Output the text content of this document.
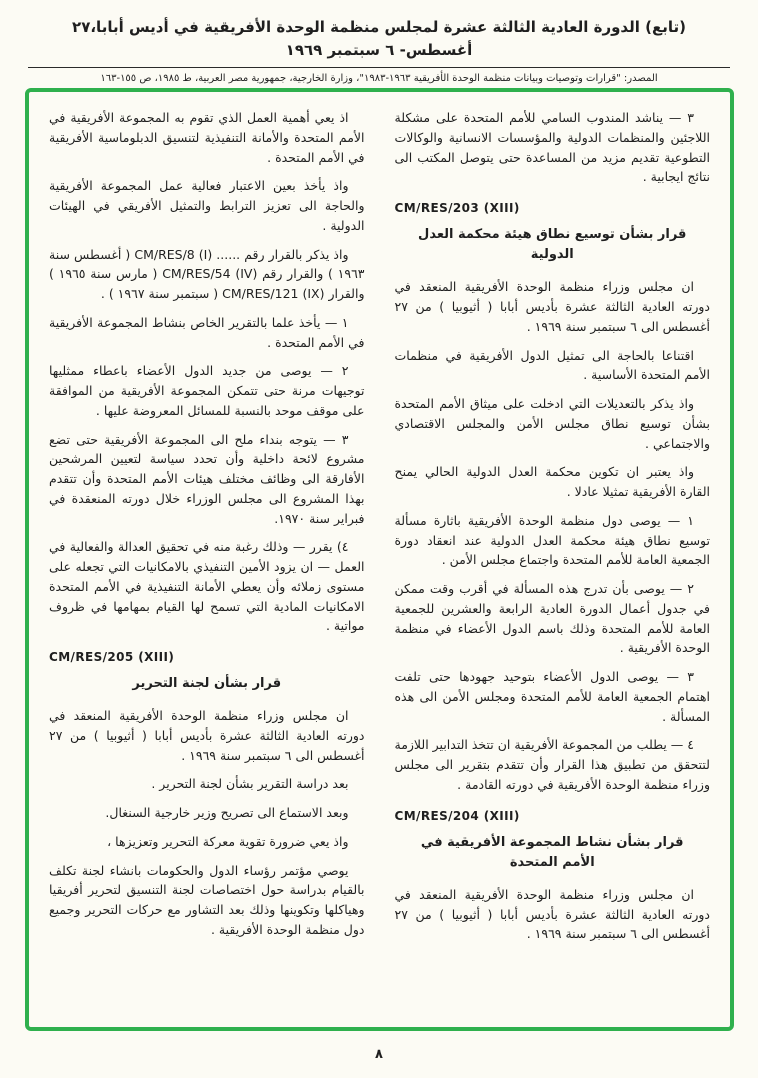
(تابع) الدورة العادية الثالثة عشرة لمجلس منظمة الوحدة الأفريقية في أديس أبابا،٢٧ أغسطس- ٦ سبتمبر ١٩٦٩
المصدر: "قرارات وتوصيات وبيانات منظمة الوحدة الأفريقية ١٩٦٣-١٩٨٣"، وزارة الخارجية، جمهورية مصر العربية، ط ١٩٨٥، ص ١٥٥-١٦٣

٣ — يناشد المندوب السامي للأمم المتحدة على مشكلة اللاجئين والمنظمات الدولية والمؤسسات الانسانية والوكالات التطوعية تقديم مزيد من المساعدة حتى يتوصل المكتب الى نتائج ايجابية .

CM/RES/203 (XIII)

قرار بشأن توسيع نطاق هيئة محكمة العدل الدولية

ان مجلس وزراء منظمة الوحدة الأفريقية المنعقد في دورته العادية الثالثة عشرة بأديس أبابا ( أثيوبيا ) من ٢٧ أغسطس الى ٦ سبتمبر سنة ١٩٦٩ .

اقتناعا بالحاجة الى تمثيل الدول الأفريقية في منظمات الأمم المتحدة الأساسية .

واذ يذكر بالتعديلات التي ادخلت على ميثاق الأمم المتحدة بشأن توسيع نطاق مجلس الأمن والمجلس الاقتصادي والاجتماعي .

واذ يعتبر ان تكوين محكمة العدل الدولية الحالي يمنح القارة الأفريقية تمثيلا عادلا .

١ — يوصى دول منظمة الوحدة الأفريقية باثارة مسألة توسيع نطاق هيئة محكمة العدل الدولية عند انعقاد دورة الجمعية العامة للأمم المتحدة واجتماع مجلس الأمن .

٢ — يوصى بأن تدرج هذه المسألة في أقرب وقت ممكن في جدول أعمال الدورة العادية الرابعة والعشرين للجمعية العامة للأمم المتحدة وذلك باسم الدول الأعضاء في منظمة الوحدة الأفريقية .

٣ — يوصى الدول الأعضاء بتوحيد جهودها حتى تلفت اهتمام الجمعية العامة للأمم المتحدة ومجلس الأمن الى هذه المسألة .

٤ — يطلب من المجموعة الأفريقية ان تتخذ التدابير اللازمة لتتحقق من تطبيق هذا القرار وأن تتقدم بتقرير الى مجلس وزراء منظمة الوحدة الأفريقية في دورته القادمة .

CM/RES/204 (XIII)

قرار بشأن نشاط المجموعة الأفريقية في الأمم المتحدة

ان مجلس وزراء منظمة الوحدة الأفريقية المنعقد في دورته العادية الثالثة عشرة بأديس أبابا ( أثيوبيا ) من ٢٧ أغسطس الى ٦ سبتمبر سنة ١٩٦٩ .

اذ يعي أهمية العمل الذي تقوم به المجموعة الأفريقية في الأمم المتحدة والأمانة التنفيذية لتنسيق الدبلوماسية الأفريقية في الأمم المتحدة .

واذ يأخذ بعين الاعتبار فعالية عمل المجموعة الأفريقية والحاجة الى تعزيز الترابط والتمثيل الأفريقي في الهيئات الدولية .

واذ يذكر بالقرار رقم ...... CM/RES/8 (I) ( أغسطس سنة ١٩٦٣ ) والقرار رقم CM/RES/54 (IV) ( مارس سنة ١٩٦٥ ) والقرار CM/RES/121 (IX) ( سبتمبر سنة ١٩٦٧ ) .

١ — يأخذ علما بالتقرير الخاص بنشاط المجموعة الأفريقية في الأمم المتحدة .

٢ — يوصى من جديد الدول الأعضاء باعطاء ممثليها توجيهات مرنة حتى تتمكن المجموعة الأفريقية من الموافقة على موقف موحد بالنسبة للمسائل المعروضة عليها .

٣ — يتوجه بنداء ملح الى المجموعة الأفريقية حتى تضع مشروع لائحة داخلية وأن تحدد سياسة لتعيين المرشحين الأفارقة الى وظائف مختلف هيئات الأمم المتحدة وأن تتقدم بهذا المشروع الى مجلس الوزراء خلال دورته المنعقدة في فبراير سنة ١٩٧٠.

٤) يقرر — وذلك رغبة منه في تحقيق العدالة والفعالية في العمل — ان يزود الأمين التنفيذي بالامكانيات التي تجعله على مستوى زملائه وأن يعطي الأمانة التنفيذية في الأمم المتحدة الامكانيات المادية التي تسمح لها القيام بمهامها في ظروف مواتية .

CM/RES/205 (XIII)

قرار بشأن لجنة التحرير

ان مجلس وزراء منظمة الوحدة الأفريقية المنعقد في دورته العادية الثالثة عشرة بأديس أبابا ( أثيوبيا ) من ٢٧ أغسطس الى ٦ سبتمبر سنة ١٩٦٩ .

بعد دراسة التقرير بشأن لجنة التحرير .

وبعد الاستماع الى تصريح وزير خارجية السنغال.

واذ يعي ضرورة تقوية معركة التحرير وتعزيزها ،

يوصي مؤتمر رؤساء الدول والحكومات بانشاء لجنة تكلف بالقيام بدراسة حول اختصاصات لجنة التنسيق لتحرير أفريقيا وهياكلها وتكوينها وذلك بعد التشاور مع حركات التحرير وجميع دول منظمة الوحدة الأفريقية .

٨
